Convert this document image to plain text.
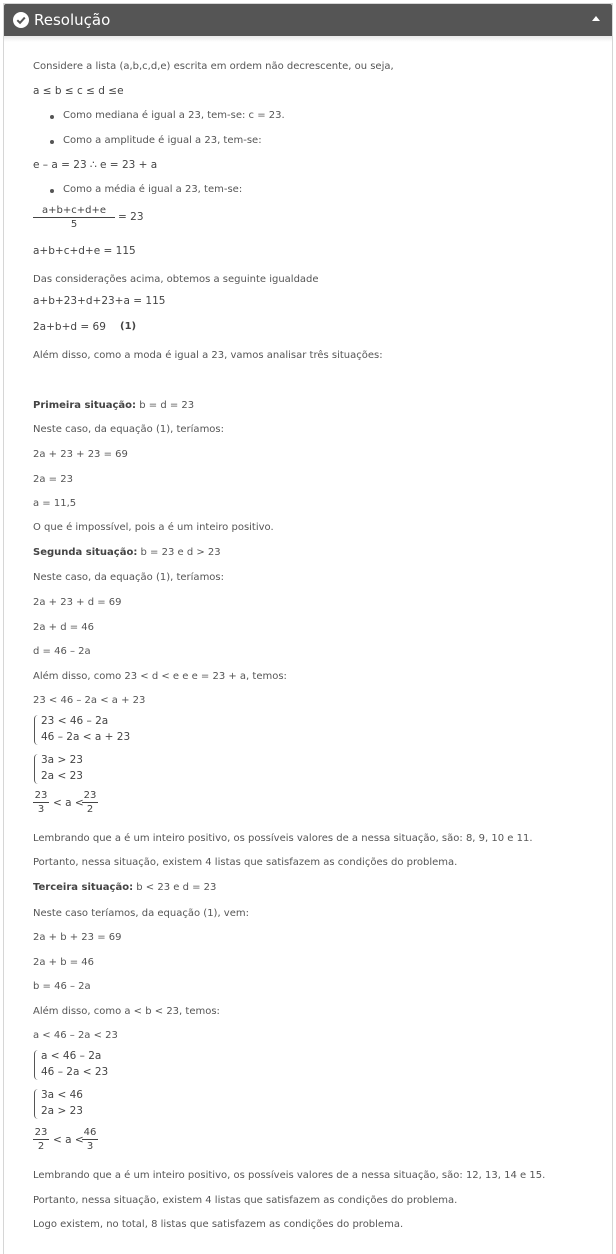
Resolução
Considere a lista (a,b,c,d,e) escrita em ordem não decrescente, ou seja,
a ≤ b ≤ c ≤ d ≤e
Como mediana é igual a 23, tem-se: c = 23.
Como a amplitude é igual a 23, tem-se:
e – a = 23 ∴ e = 23 + a
Como a média é igual a 23, tem-se:
a+b+c+d+e
5
= 23
a+b+c+d+e = 115
Das considerações acima, obtemos a seguinte igualdade
a+b+23+d+23+a = 115
2a+b+d = 69 (1)
Além disso, como a moda é igual a 23, vamos analisar três situações:
Primeira situação: b = d = 23
Neste caso, da equação (1), teríamos:
2a + 23 + 23 = 69
2a = 23
a = 11,5
O que é impossível, pois a é um inteiro positivo.
Segunda situação: b = 23 e d > 23
Neste caso, da equação (1), teríamos:
2a + 23 + d = 69
2a + d = 46
d = 46 – 2a
Além disso, como 23 < d < e e e = 23 + a, temos:
23 < 46 – 2a < a + 23
23 < 46 – 2a
46 – 2a < a + 23
3a > 23
2a < 23
23
3
< a <
23
2
Lembrando que a é um inteiro positivo, os possíveis valores de a nessa situação, são: 8, 9, 10 e 11.
Portanto, nessa situação, existem 4 listas que satisfazem as condições do problema.
Terceira situação: b < 23 e d = 23
Neste caso teríamos, da equação (1), vem:
2a + b + 23 = 69
2a + b = 46
b = 46 – 2a
Além disso, como a < b < 23, temos:
a < 46 – 2a < 23
a < 46 – 2a
46 – 2a < 23
3a < 46
2a > 23
23
2
< a <
46
3
Lembrando que a é um inteiro positivo, os possíveis valores de a nessa situação, são: 12, 13, 14 e 15.
Portanto, nessa situação, existem 4 listas que satisfazem as condições do problema.
Logo existem, no total, 8 listas que satisfazem as condições do problema.
